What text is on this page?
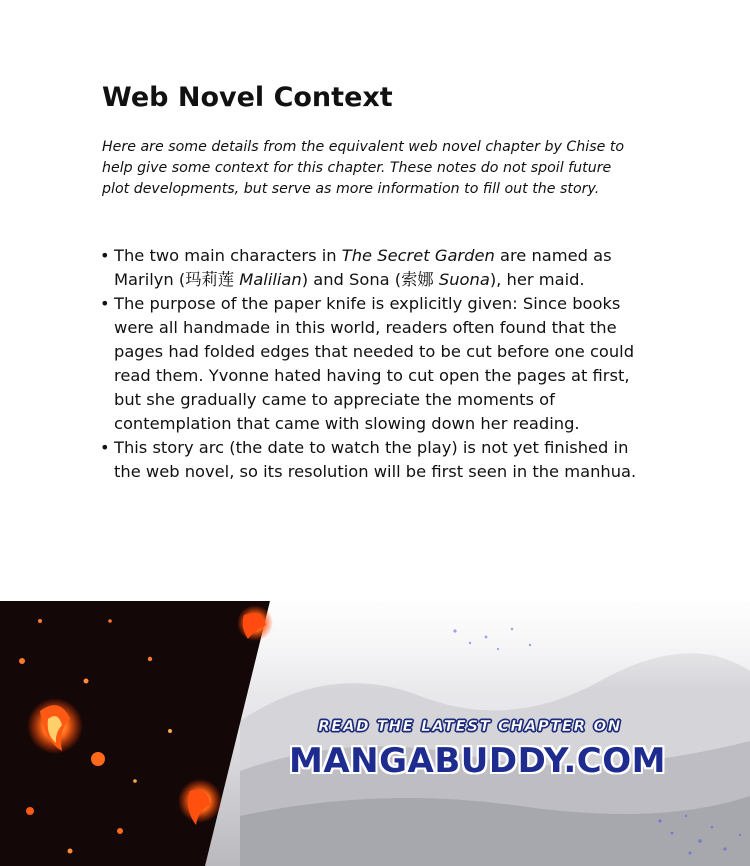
Web Novel Context

Here are some details from the equivalent web novel chapter by Chise to help give some context for this chapter. These notes do not spoil future plot developments, but serve as more information to fill out the story.

• The two main characters in The Secret Garden are named as Marilyn (玛莉莲 Malilian) and Sona (索娜 Suona), her maid.
• The purpose of the paper knife is explicitly given: Since books were all handmade in this world, readers often found that the pages had folded edges that needed to be cut before one could read them. Yvonne hated having to cut open the pages at first, but she gradually came to appreciate the moments of contemplation that came with slowing down her reading.
• This story arc (the date to watch the play) is not yet finished in the web novel, so its resolution will be first seen in the manhua.

READ THE LATEST CHAPTER ON

MANGABUDDY.COM
